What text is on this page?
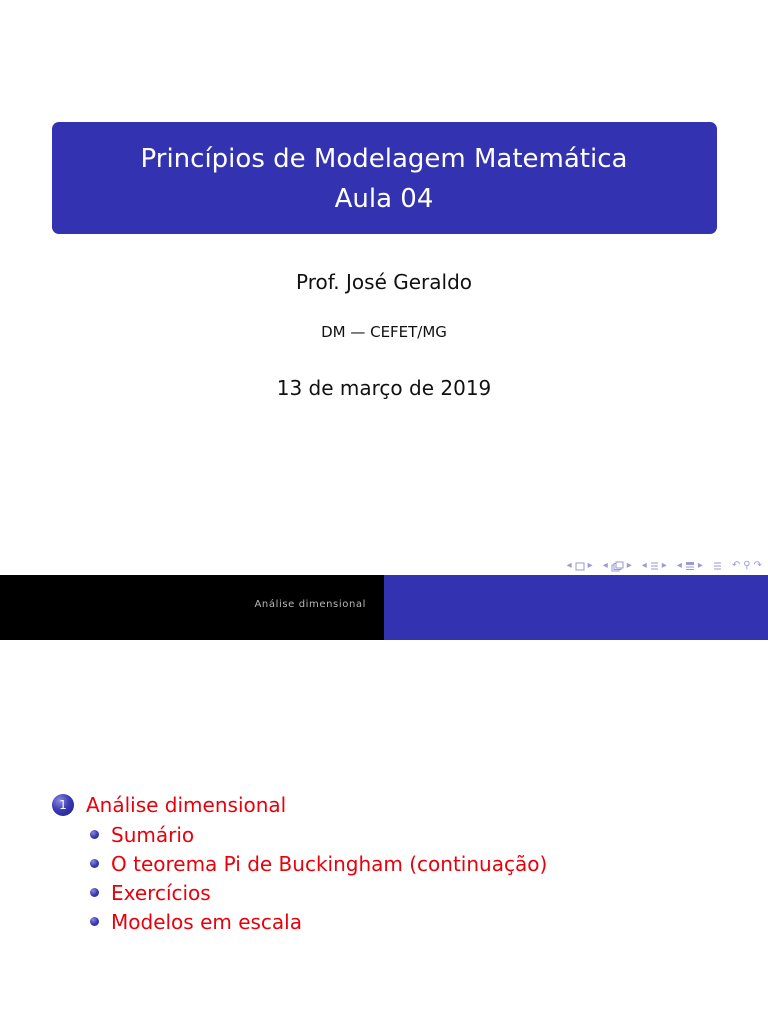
Princípios de Modelagem Matemática
Aula 04
Prof. José Geraldo
DM — CEFET/MG
13 de março de 2019
◂ ▸ ◂ ▸ ◂ ▸ ◂ ▸	↶ ⚲ ↷
Análise dimensional
1 Análise dimensional
Sumário
O teorema Pi de Buckingham (continuação)
Exercícios
Modelos em escala
